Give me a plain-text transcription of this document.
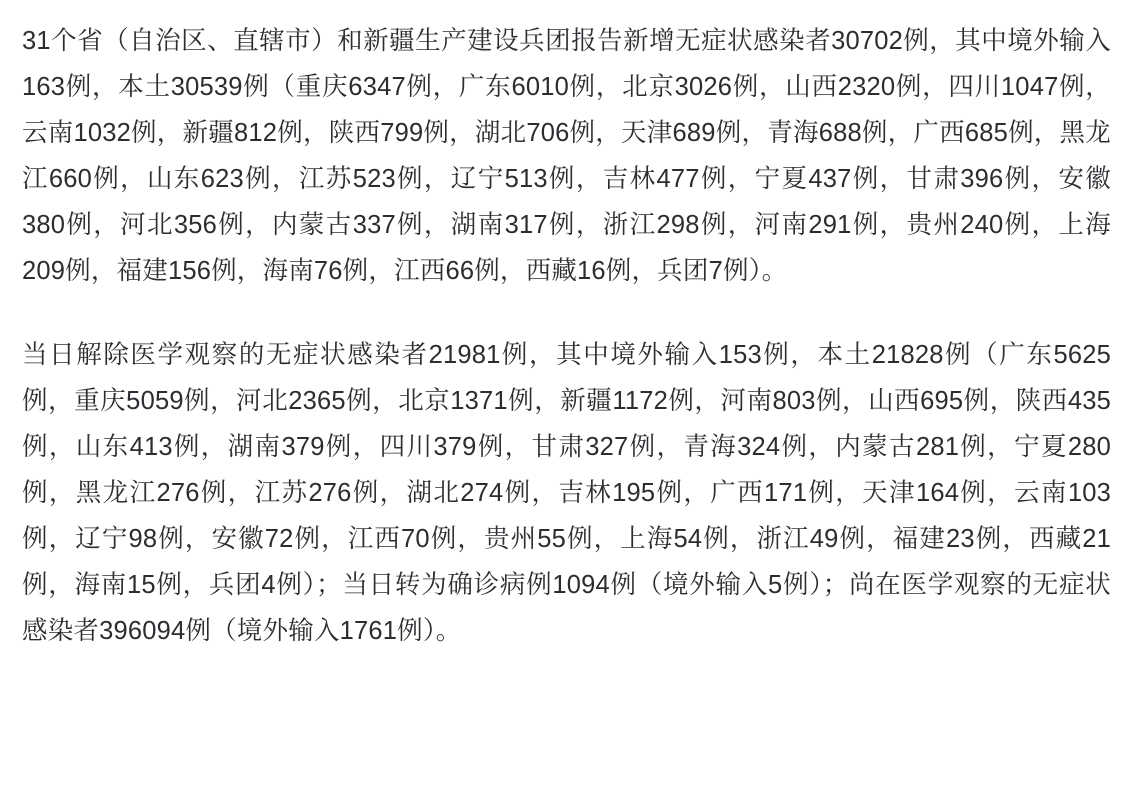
31个省（自治区、直辖市）和新疆生产建设兵团报告新增无症状感染者30702例，其中境外输入163例，本土30539例（重庆6347例，广东6010例，北京3026例，山西2320例，四川1047例，云南1032例，新疆812例，陕西799例，湖北706例，天津689例，青海688例，广西685例，黑龙江660例，山东623例，江苏523例，辽宁513例，吉林477例，宁夏437例，甘肃396例，安徽380例，河北356例，内蒙古337例，湖南317例，浙江298例，河南291例，贵州240例，上海209例，福建156例，海南76例，江西66例，西藏16例，兵团7例）。

当日解除医学观察的无症状感染者21981例，其中境外输入153例，本土21828例（广东5625例，重庆5059例，河北2365例，北京1371例，新疆1172例，河南803例，山西695例，陕西435例，山东413例，湖南379例，四川379例，甘肃327例，青海324例，内蒙古281例，宁夏280例，黑龙江276例，江苏276例，湖北274例，吉林195例，广西171例，天津164例，云南103例，辽宁98例，安徽72例，江西70例，贵州55例，上海54例，浙江49例，福建23例，西藏21例，海南15例，兵团4例）；当日转为确诊病例1094例（境外输入5例）；尚在医学观察的无症状感染者396094例（境外输入1761例）。
